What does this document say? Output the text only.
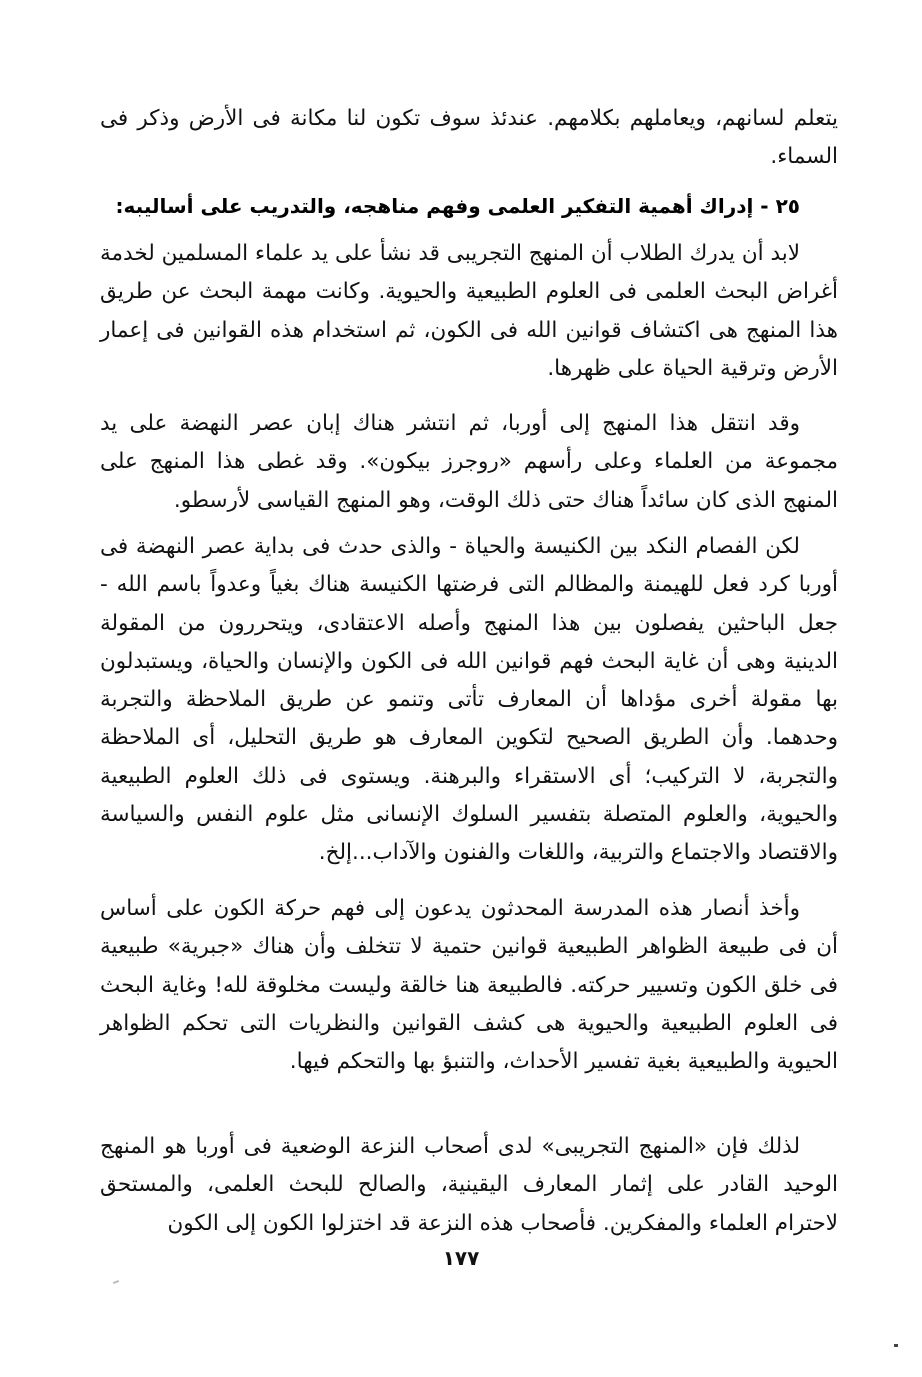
يتعلم لسانهم، ويعاملهم بكلامهم. عندئذ سوف تكون لنا مكانة فى الأرض وذكر فى السماء.

٢٥ - إدراك أهمية التفكير العلمى وفهم مناهجه، والتدريب على أساليبه:

لابد أن يدرك الطلاب أن المنهج التجريبى قد نشأ على يد علماء المسلمين لخدمة أغراض البحث العلمى فى العلوم الطبيعية والحيوية. وكانت مهمة البحث عن طريق هذا المنهج هى اكتشاف قوانين الله فى الكون، ثم استخدام هذه القوانين فى إعمار الأرض وترقية الحياة على ظهرها.

وقد انتقل هذا المنهج إلى أوربا، ثم انتشر هناك إبان عصر النهضة على يد مجموعة من العلماء وعلى رأسهم «روجرز بيكون». وقد غطى هذا المنهج على المنهج الذى كان سائداً هناك حتى ذلك الوقت، وهو المنهج القياسى لأرسطو.

لكن الفصام النكد بين الكنيسة والحياة - والذى حدث فى بداية عصر النهضة فى أوربا كرد فعل للهيمنة والمظالم التى فرضتها الكنيسة هناك بغياً وعدواً باسم الله - جعل الباحثين يفصلون بين هذا المنهج وأصله الاعتقادى، ويتحررون من المقولة الدينية وهى أن غاية البحث فهم قوانين الله فى الكون والإنسان والحياة، ويستبدلون بها مقولة أخرى مؤداها أن المعارف تأتى وتنمو عن طريق الملاحظة والتجربة وحدهما. وأن الطريق الصحيح لتكوين المعارف هو طريق التحليل، أى الملاحظة والتجربة، لا التركيب؛ أى الاستقراء والبرهنة. ويستوى فى ذلك العلوم الطبيعية والحيوية، والعلوم المتصلة بتفسير السلوك الإنسانى مثل علوم النفس والسياسة والاقتصاد والاجتماع والتربية، واللغات والفنون والآداب...إلخ.

وأخذ أنصار هذه المدرسة المحدثون يدعون إلى فهم حركة الكون على أساس أن فى طبيعة الظواهر الطبيعية قوانين حتمية لا تتخلف وأن هناك «جبرية» طبيعية فى خلق الكون وتسيير حركته. فالطبيعة هنا خالقة وليست مخلوقة لله! وغاية البحث فى العلوم الطبيعية والحيوية هى كشف القوانين والنظريات التى تحكم الظواهر الحيوية والطبيعية بغية تفسير الأحداث، والتنبؤ بها والتحكم فيها.

لذلك فإن «المنهج التجريبى» لدى أصحاب النزعة الوضعية فى أوربا هو المنهج الوحيد القادر على إثمار المعارف اليقينية، والصالح للبحث العلمى، والمستحق لاحترام العلماء والمفكرين. فأصحاب هذه النزعة قد اختزلوا الكون إلى الكون

١٧٧
